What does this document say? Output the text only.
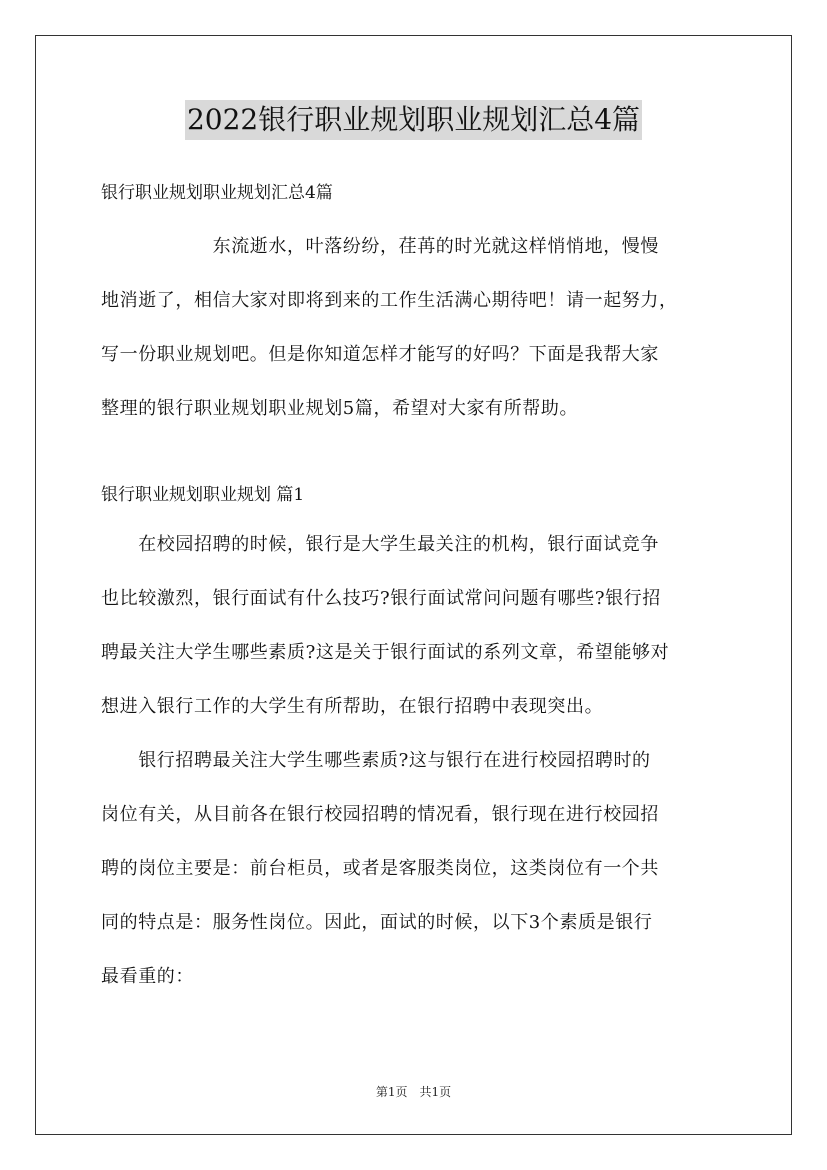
2022银行职业规划职业规划汇总4篇
银行职业规划职业规划汇总4篇
　　　　　　东流逝水，叶落纷纷，荏苒的时光就这样悄悄地，慢慢
地消逝了，相信大家对即将到来的工作生活满心期待吧！请一起努力，
写一份职业规划吧。但是你知道怎样才能写的好吗？下面是我帮大家
整理的银行职业规划职业规划5篇，希望对大家有所帮助。
银行职业规划职业规划 篇1
　　在校园招聘的时候，银行是大学生最关注的机构，银行面试竞争
也比较激烈，银行面试有什么技巧?银行面试常问问题有哪些?银行招
聘最关注大学生哪些素质?这是关于银行面试的系列文章，希望能够对
想进入银行工作的大学生有所帮助，在银行招聘中表现突出。
　　银行招聘最关注大学生哪些素质?这与银行在进行校园招聘时的
岗位有关，从目前各在银行校园招聘的情况看，银行现在进行校园招
聘的岗位主要是：前台柜员，或者是客服类岗位，这类岗位有一个共
同的特点是：服务性岗位。因此，面试的时候，以下3个素质是银行
最看重的：
第1页　共1页
